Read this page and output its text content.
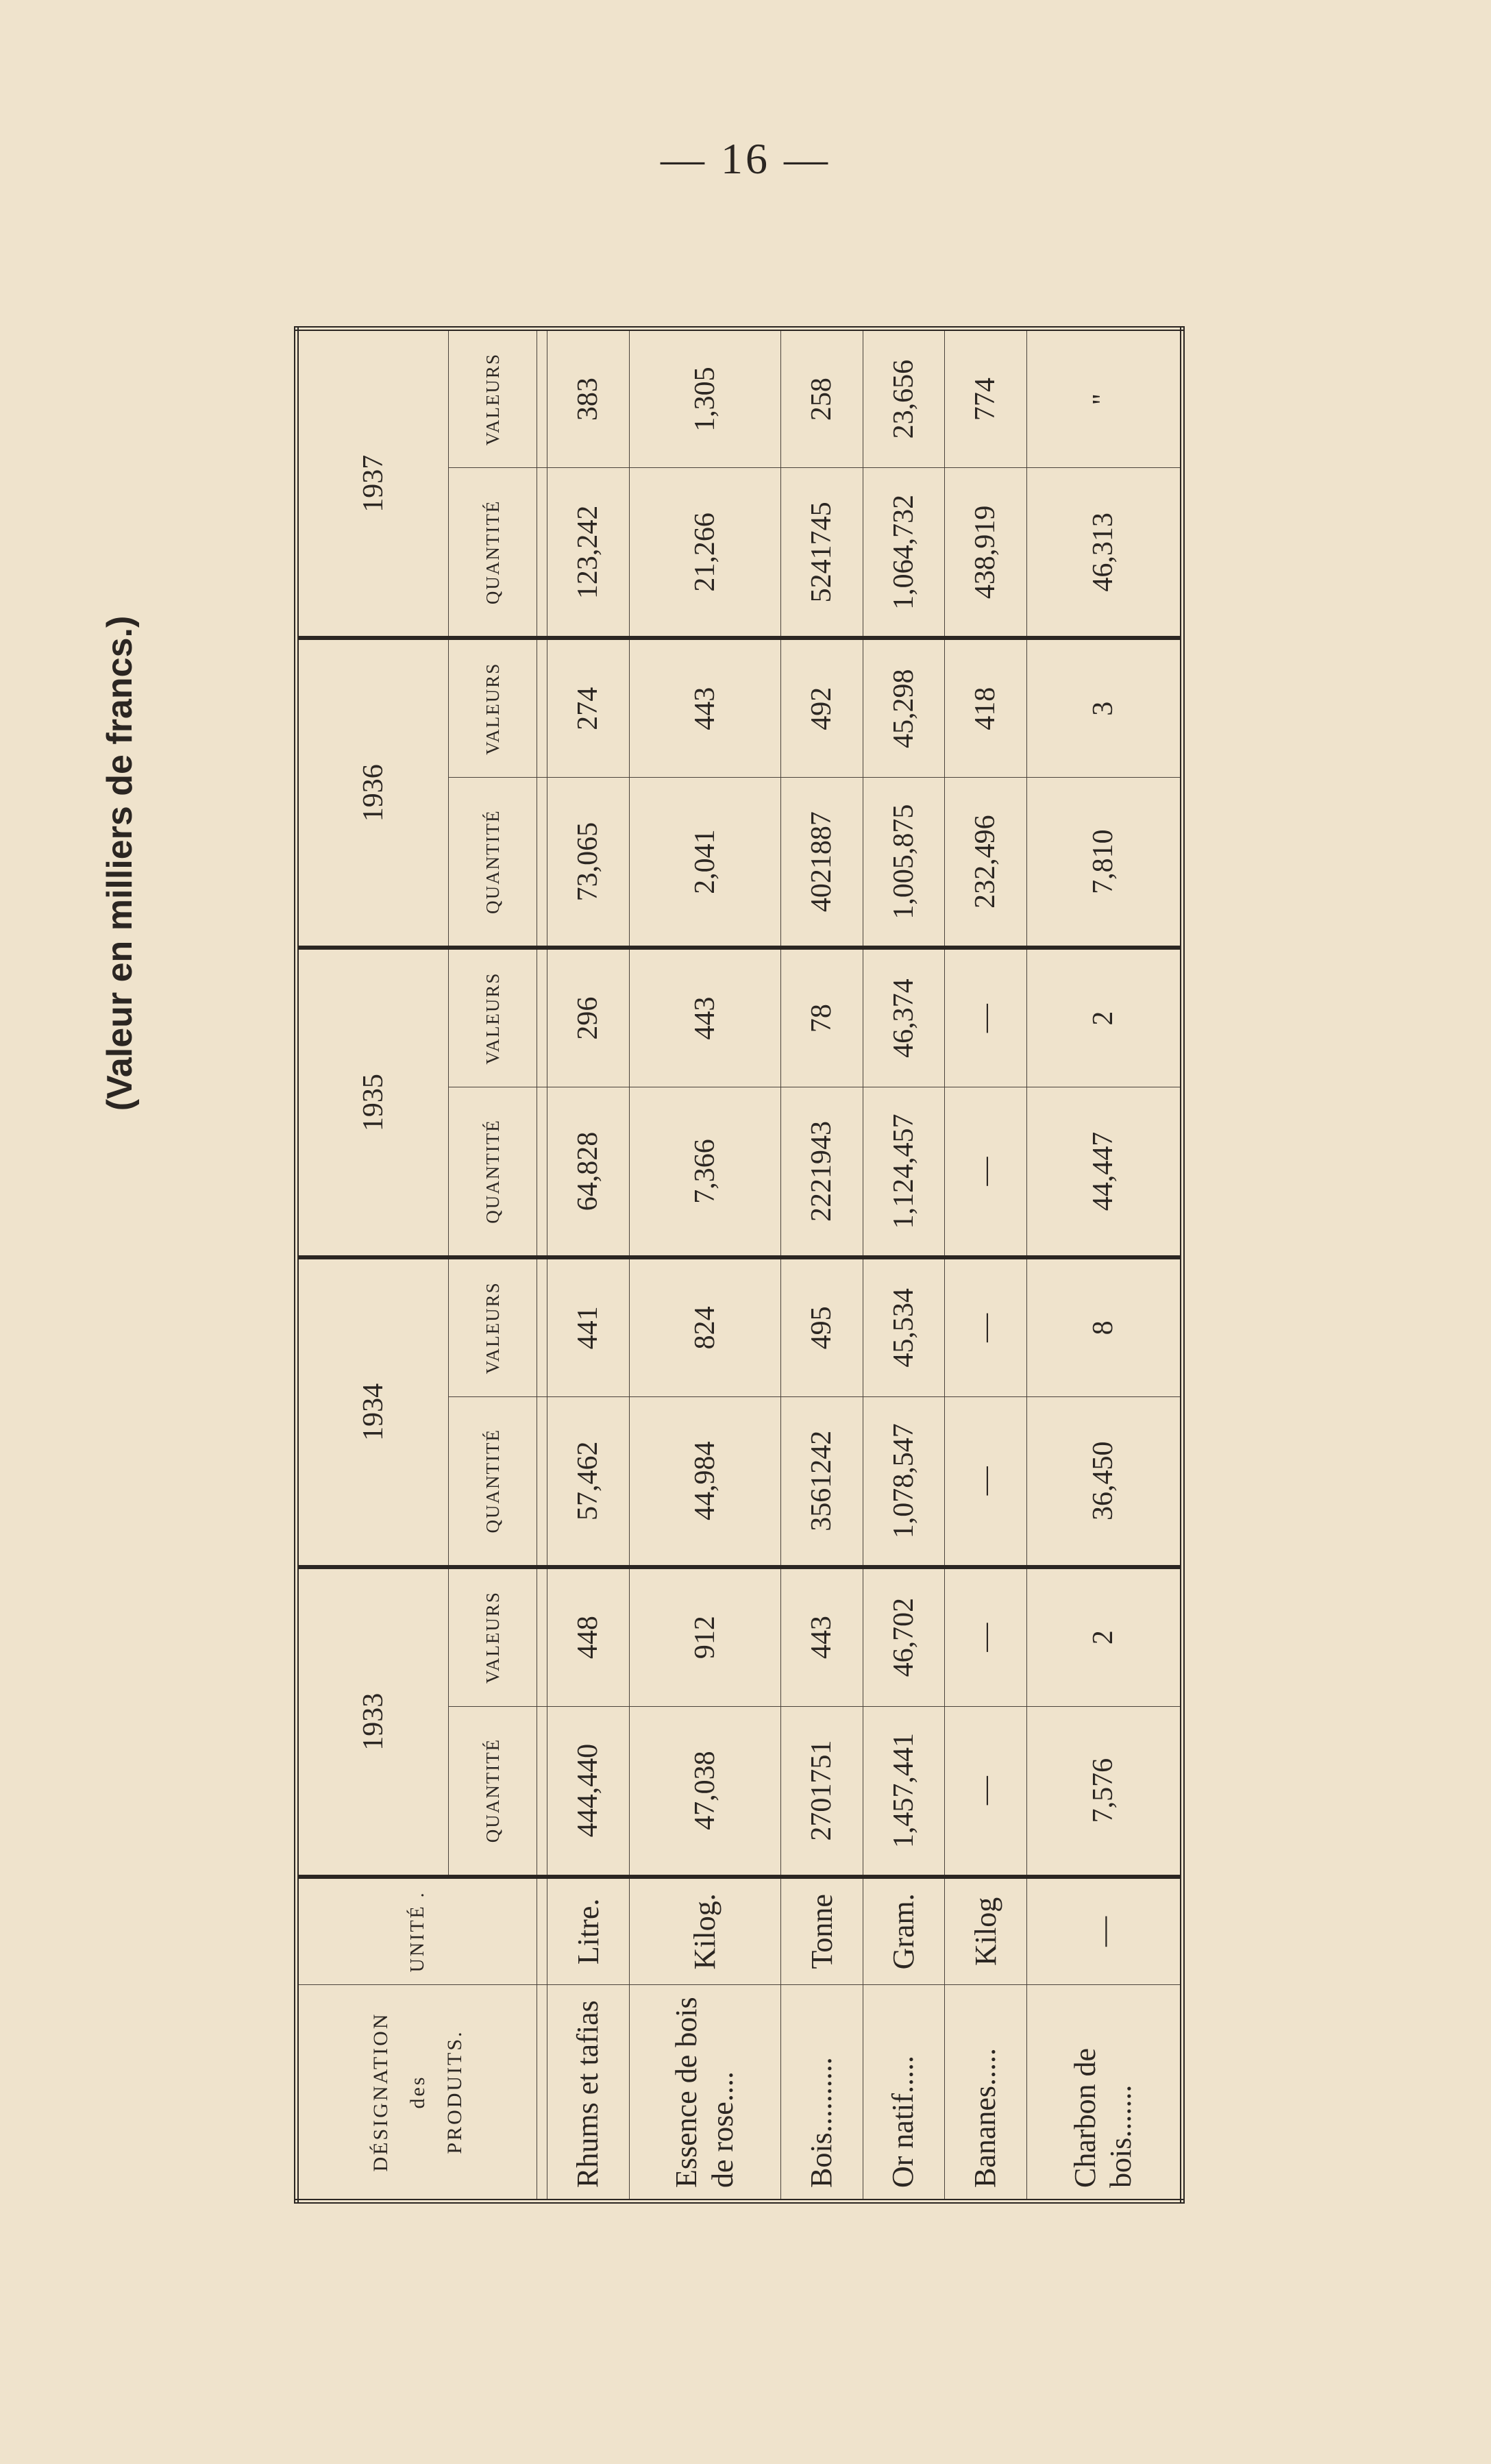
— 16 —
(Valeur en milliers de francs.)
DÉSIGNATION des PRODUITS.	UNITÉ .	1933		1934		1935		1936		1937	
		QUANTITÉ	VALEURS	QUANTITÉ	VALEURS	QUANTITÉ	VALEURS	QUANTITÉ	VALEURS	QUANTITÉ	VALEURS

Rhums et tafias	Litre.	444,440	448	57,462	441	64,828	296	73,065	274	123,242	383
Essence de bois de rose....	Kilog.	47,038	912	44,984	824	7,366	443	2,041	443	21,266	1,305
Bois..........	Tonne	2701751	443	3561242	495	2221943	78	4021887	492	5241745	258
Or natif.....	Gram.	1,457,441	46,702	1,078,547	45,534	1,124,457	46,374	1,005,875	45,298	1,064,732	23,656
Bananes.....	Kilog	—	—	—	—	—	—	232,496	418	438,919	774
Charbon de bois.......	—	7,576	2	36,450	8	44,447	2	7,810	3	46,313	"
